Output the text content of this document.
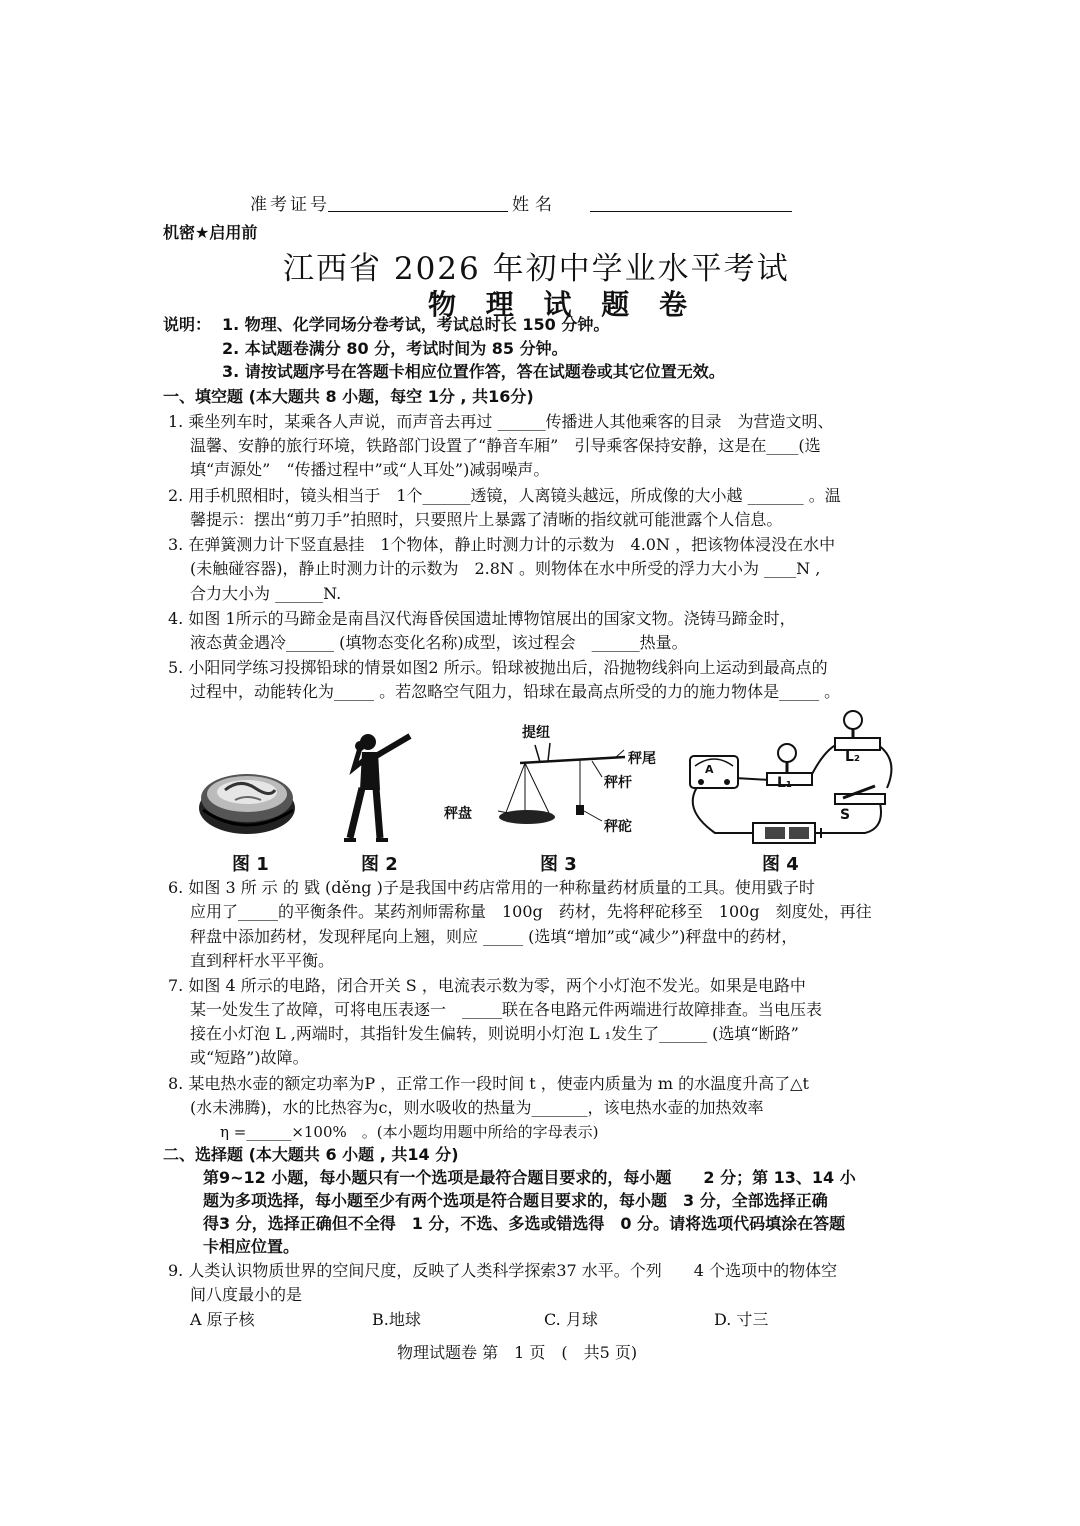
准考证号	姓名
机密★启用前
江西省 2026 年初中学业水平考试
物 理 试 题 卷
说明： 1. 物理、化学同场分卷考试，考试总时长 150 分钟。
2. 本试题卷满分 80 分，考试时间为 85 分钟。
3. 请按试题序号在答题卡相应位置作答，答在试题卷或其它位置无效。
一、填空题 (本大题共 8 小题，每空 1分 , 共16分)
1. 乘坐列车时，某乘各人声说，而声音去再过 ______传播进人其他乘客的目录　为营造文明、
温馨、安静的旅行环境，铁路部门设置了“静音车厢”　引导乘客保持安静，这是在____(选
填“声源处”　“传播过程中”或“人耳处”)减弱噪声。
2. 用手机照相时，镜头相当于　1个______透镜，人离镜头越远，所成像的大小越 _______ 。温
馨提示：摆出“剪刀手”拍照时，只要照片上暴露了清晰的指纹就可能泄露个人信息。
3. 在弹簧测力计下竖直悬挂　1个物体，静止时测力计的示数为　4.0N ，把该物体浸没在水中
(未触碰容器)，静止时测力计的示数为　2.8N 。则物体在水中所受的浮力大小为 ____N ,
合力大小为 ______N.
4. 如图 1所示的马蹄金是南昌汉代海昏侯国遗址博物馆展出的国家文物。浇铸马蹄金时，
液态黄金遇冷______ (填物态变化名称)成型，该过程会　______热量。
5. 小阳同学练习投掷铅球的情景如图2 所示。铅球被抛出后，沿抛物线斜向上运动到最高点的
过程中，动能转化为_____ 。若忽略空气阻力，铅球在最高点所受的力的施力物体是_____ 。
图 1	图 2
提纽
秤尾
秤杆
秤盘
秤砣
图 3
A
L₁
L₂
S
图 4
6. 如图 3 所 示 的 戥 (děng )子是我国中药店常用的一种称量药材质量的工具。使用戥子时
应用了_____的平衡条件。某药剂师需称量　100g　药材，先将秤砣移至　100g　刻度处，再往
秤盘中添加药材，发现秤尾向上翘，则应 _____ (选填“增加”或“减少”)秤盘中的药材，
直到秤杆水平平衡。
7. 如图 4 所示的电路，闭合开关 S ，电流表示数为零，两个小灯泡不发光。如果是电路中
某一处发生了故障，可将电压表逐一　_____联在各电路元件两端进行故障排查。当电压表
接在小灯泡 L ,两端时，其指针发生偏转，则说明小灯泡 L ₁发生了______ (选填“断路”
或“短路”)故障。
8. 某电热水壶的额定功率为P ，正常工作一段时间 t ，使壶内质量为 m 的水温度升高了△t
(水未沸腾)，水的比热容为c，则水吸收的热量为_______，该电热水壶的加热效率
η =______×100%　。(本小题均用题中所给的字母表示)
二、选择题 (本大题共 6 小题 , 共14 分)
第9~12 小题，每小题只有一个选项是最符合题目要求的，每小题　　2 分；第 13、14 小
题为多项选择，每小题至少有两个选项是符合题目要求的，每小题　3 分，全部选择正确
得3 分，选择正确但不全得　1 分，不选、多选或错选得　0 分。请将选项代码填涂在答题
卡相应位置。
9. 人类认识物质世界的空间尺度，反映了人类科学探索37 水平。个列　　4 个选项中的物体空
间八度最小的是
A 原子核	B.地球	C. 月球	D. 寸三
物理试题卷 第　1 页　(　共5 页)
